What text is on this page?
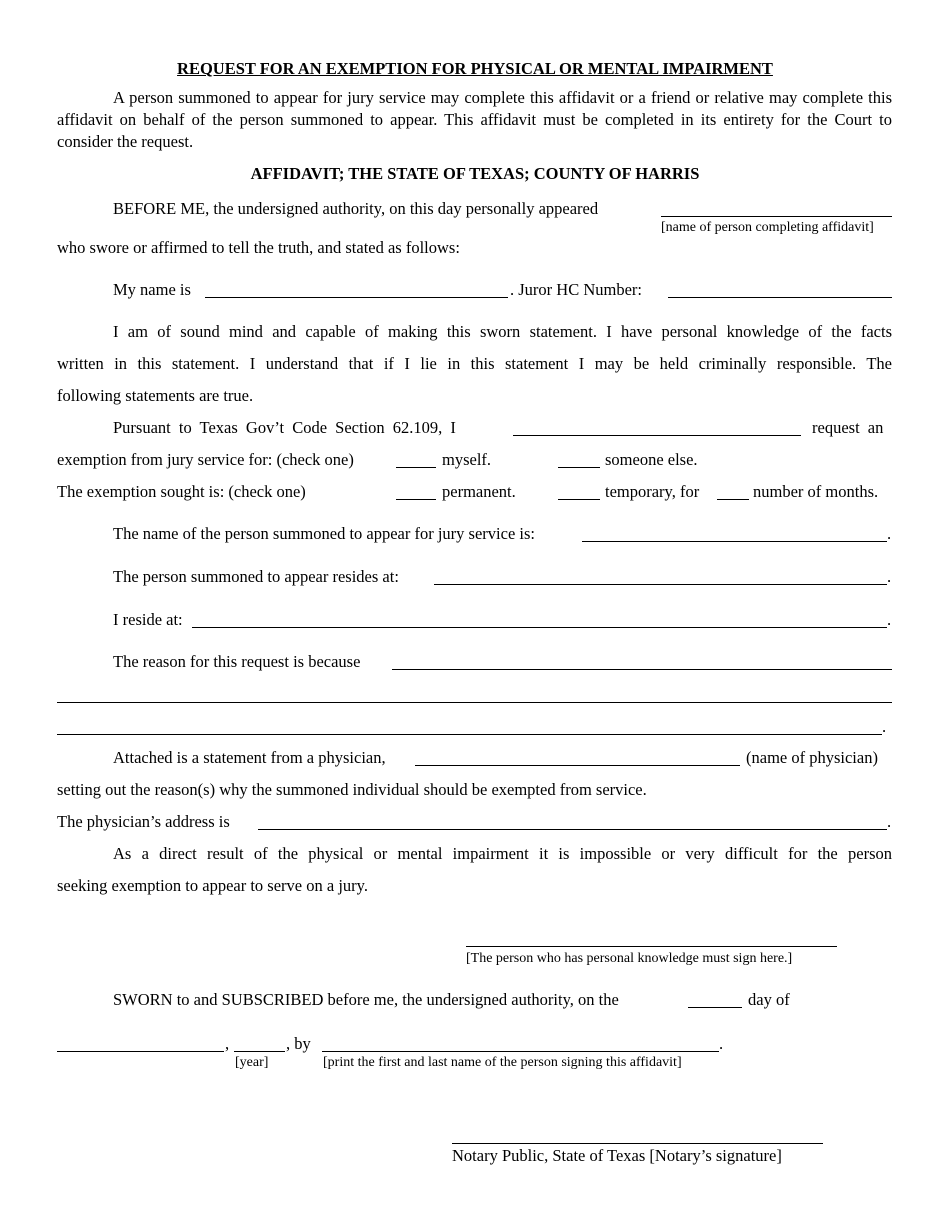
REQUEST FOR AN EXEMPTION FOR PHYSICAL OR MENTAL IMPAIRMENT
A person summoned to appear for jury service may complete this affidavit or a friend or relative may complete this affidavit on behalf of the person summoned to appear. This affidavit must be completed in its entirety for the Court to consider the request.
AFFIDAVIT; THE STATE OF TEXAS; COUNTY OF HARRIS
BEFORE ME, the undersigned authority, on this day personally appeared
[name of person completing affidavit]
who swore or affirmed to tell the truth, and stated as follows:
My name is	. Juror HC Number:
I am of sound mind and capable of making this sworn statement. I have personal knowledge of the facts
written in this statement. I understand that if I lie in this statement I may be held criminally responsible. The
following statements are true.
Pursuant to Texas Gov’t Code Section 62.109, I	request an
exemption from jury service for: (check one)	myself.	someone else.
The exemption sought is: (check one)	permanent.	temporary, for	number of months.
The name of the person summoned to appear for jury service is:	.
The person summoned to appear resides at:	.
I reside at:	.
The reason for this request is because
.
Attached is a statement from a physician,	(name of physician)
setting out the reason(s) why the summoned individual should be exempted from service.
The physician’s address is	.
As a direct result of the physical or mental impairment it is impossible or very difficult for the person
seeking exemption to appear to serve on a jury.
[The person who has personal knowledge must sign here.]
SWORN to and SUBSCRIBED before me, the undersigned authority, on the	day of
,	, by	.
[year]	[print the first and last name of the person signing this affidavit]
Notary Public, State of Texas [Notary’s signature]
